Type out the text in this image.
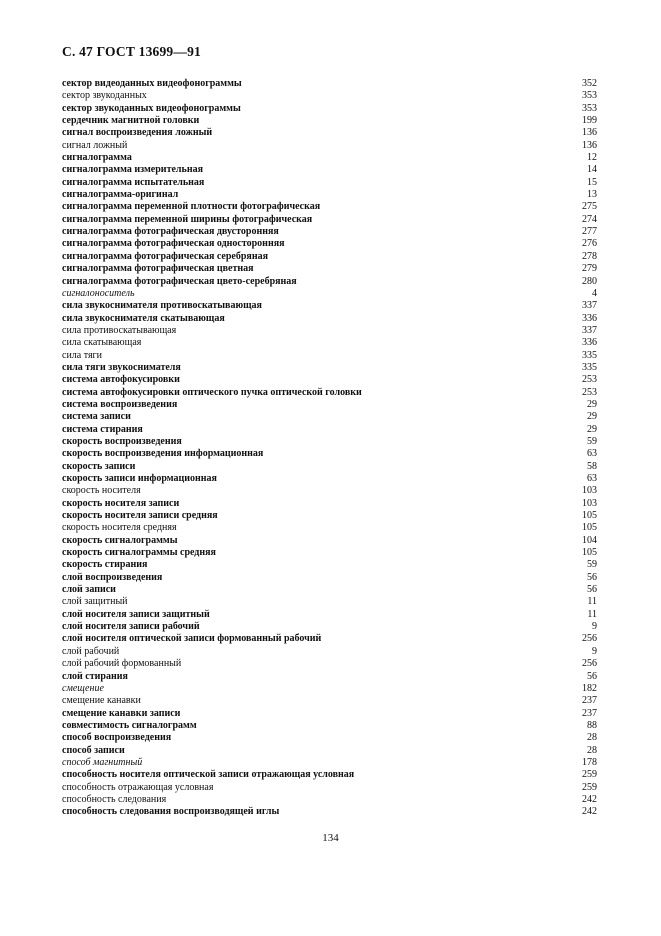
С. 47 ГОСТ 13699—91
сектор видеоданных видеофонограммы	352
сектор звукоданных	353
сектор звукоданных видеофонограммы	353
сердечник магнитной головки	199
сигнал воспроизведения ложный	136
сигнал ложный	136
сигналограмма	12
сигналограмма измерительная	14
сигналограмма испытательная	15
сигналограмма-оригинал	13
сигналограмма переменной плотности фотографическая	275
сигналограмма переменной ширины фотографическая	274
сигналограмма фотографическая двусторонняя	277
сигналограмма фотографическая односторонняя	276
сигналограмма фотографическая серебряная	278
сигналограмма фотографическая цветная	279
сигналограмма фотографическая цвето-серебряная	280
сигналоноситель	4
сила звукоснимателя противоскатывающая	337
сила звукоснимателя скатывающая	336
сила противоскатывающая	337
сила скатывающая	336
сила тяги	335
сила тяги звукоснимателя	335
система автофокусировки	253
система автофокусировки оптического пучка оптической головки	253
система воспроизведения	29
система записи	29
система стирания	29
скорость воспроизведения	59
скорость воспроизведения информационная	63
скорость записи	58
скорость записи информационная	63
скорость носителя	103
скорость носителя записи	103
скорость носителя записи средняя	105
скорость носителя средняя	105
скорость сигналограммы	104
скорость сигналограммы средняя	105
скорость стирания	59
слой воспроизведения	56
слой записи	56
слой защитный	11
слой носителя записи защитный	11
слой носителя записи рабочий	9
слой носителя оптической записи формованный рабочий	256
слой рабочий	9
слой рабочий формованный	256
слой стирания	56
смещение	182
смещение канавки	237
смещение канавки записи	237
совместимость сигналограмм	88
способ воспроизведения	28
способ записи	28
способ магнитный	178
способность носителя оптической записи отражающая условная	259
способность отражающая условная	259
способность следования	242
способность следования воспроизводящей иглы	242
134
